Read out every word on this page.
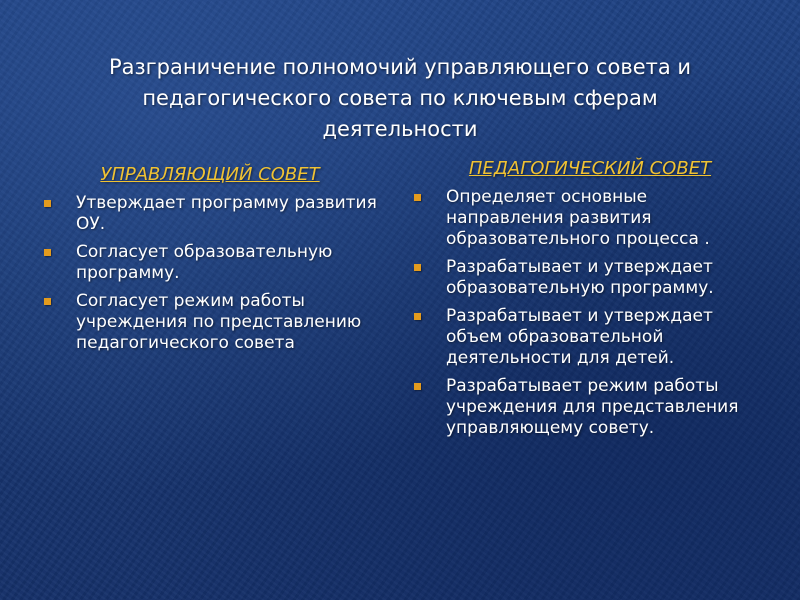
Разграничение полномочий управляющего совета и
педагогического совета по ключевым сферам
деятельности
УПРАВЛЯЮЩИЙ СОВЕТ
Утверждает программу развития ОУ.
Согласует образовательную программу.
Согласует режим работы учреждения по представлению педагогического совета
ПЕДАГОГИЧЕСКИЙ СОВЕТ
Определяет основные направления развития образовательного процесса .
Разрабатывает и утверждает образовательную программу.
Разрабатывает и утверждает объем образовательной деятельности для детей.
Разрабатывает режим работы учреждения для представления управляющему совету.
